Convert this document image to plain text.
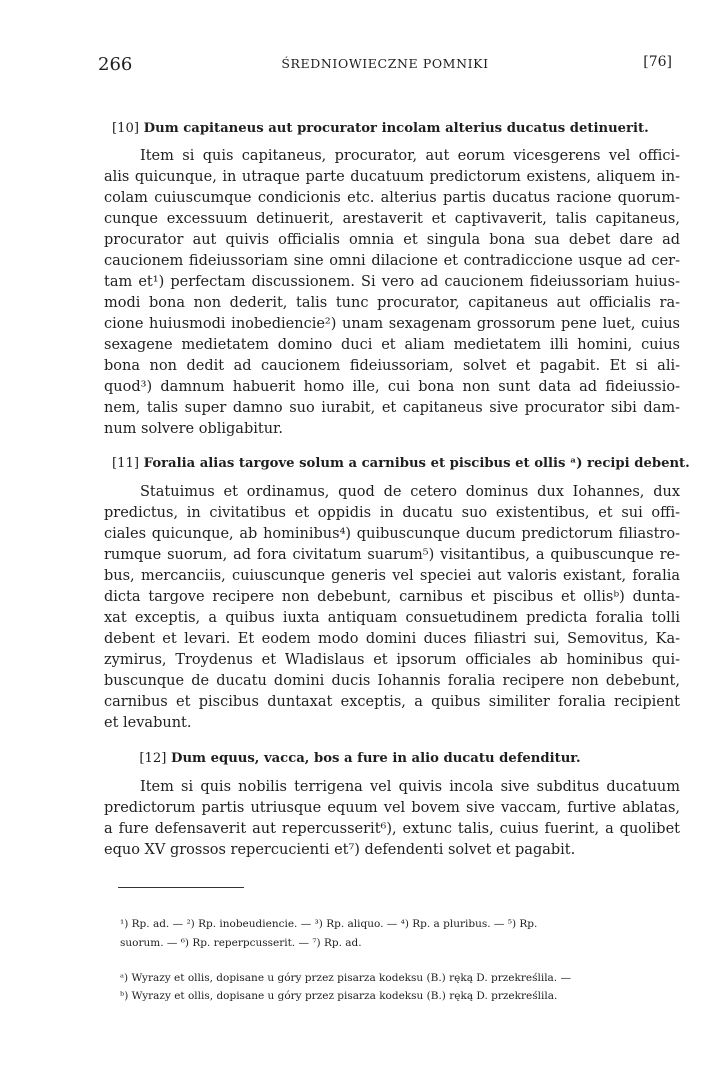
266	ŚREDNIOWIECZNE POMNIKI	[76]
[10] Dum capitaneus aut procurator incolam alterius ducatus detinuerit.
Item si quis capitaneus, procurator, aut eorum vicesgerens vel offici-
alis quicunque, in utraque parte ducatuum predictorum existens, aliquem in-
colam cuiuscumque condicionis etc. alterius partis ducatus racione quorum-
cunque excessuum detinuerit, arestaverit et captivaverit, talis capitaneus,
procurator aut quivis officialis omnia et singula bona sua debet dare ad
caucionem fideiussoriam sine omni dilacione et contradiccione usque ad cer-
tam et¹) perfectam discussionem. Si vero ad caucionem fideiussoriam huius-
modi bona non dederit, talis tunc procurator, capitaneus aut officialis ra-
cione huiusmodi inobediencie²) unam sexagenam grossorum pene luet, cuius
sexagene medietatem domino duci et aliam medietatem illi homini, cuius
bona non dedit ad caucionem fideiussoriam, solvet et pagabit. Et si ali-
quod³) damnum habuerit homo ille, cui bona non sunt data ad fideiussio-
nem, talis super damno suo iurabit, et capitaneus sive procurator sibi dam-
num solvere obligabitur.
[11] Foralia alias targove solum a carnibus et piscibus et ollis ᵃ) recipi debent.
Statuimus et ordinamus, quod de cetero dominus dux Iohannes, dux
predictus, in civitatibus et oppidis in ducatu suo existentibus, et sui offi-
ciales quicunque, ab hominibus⁴) quibuscunque ducum predictorum filiastro-
rumque suorum, ad fora civitatum suarum⁵) visitantibus, a quibuscunque re-
bus, mercanciis, cuiuscunque generis vel speciei aut valoris existant, foralia
dicta targove recipere non debebunt, carnibus et piscibus et ollisᵇ) dunta-
xat exceptis, a quibus iuxta antiquam consuetudinem predicta foralia tolli
debent et levari. Et eodem modo domini duces filiastri sui, Semovitus, Ka-
zymirus, Troydenus et Wladislaus et ipsorum officiales ab hominibus qui-
buscunque de ducatu domini ducis Iohannis foralia recipere non debebunt,
carnibus et piscibus duntaxat exceptis, a quibus similiter foralia recipient
et levabunt.
[12] Dum equus, vacca, bos a fure in alio ducatu defenditur.
Item si quis nobilis terrigena vel quivis incola sive subditus ducatuum
predictorum partis utriusque equum vel bovem sive vaccam, furtive ablatas,
a fure defensaverit aut repercusserit⁶), extunc talis, cuius fuerint, a quolibet
equo XV grossos repercucienti et⁷) defendenti solvet et pagabit.
¹) Rp. ad. — ²) Rp. inobeudiencie. — ³) Rp. aliquo. — ⁴) Rp. a pluribus. — ⁵) Rp.
suorum. — ⁶) Rp. reperpcusserit. — ⁷) Rp. ad.
ᵃ) Wyrazy et ollis, dopisane u góry przez pisarza kodeksu (B.) ręką D. przekreślila. —
ᵇ) Wyrazy et ollis, dopisane u góry przez pisarza kodeksu (B.) ręką D. przekreślila.
